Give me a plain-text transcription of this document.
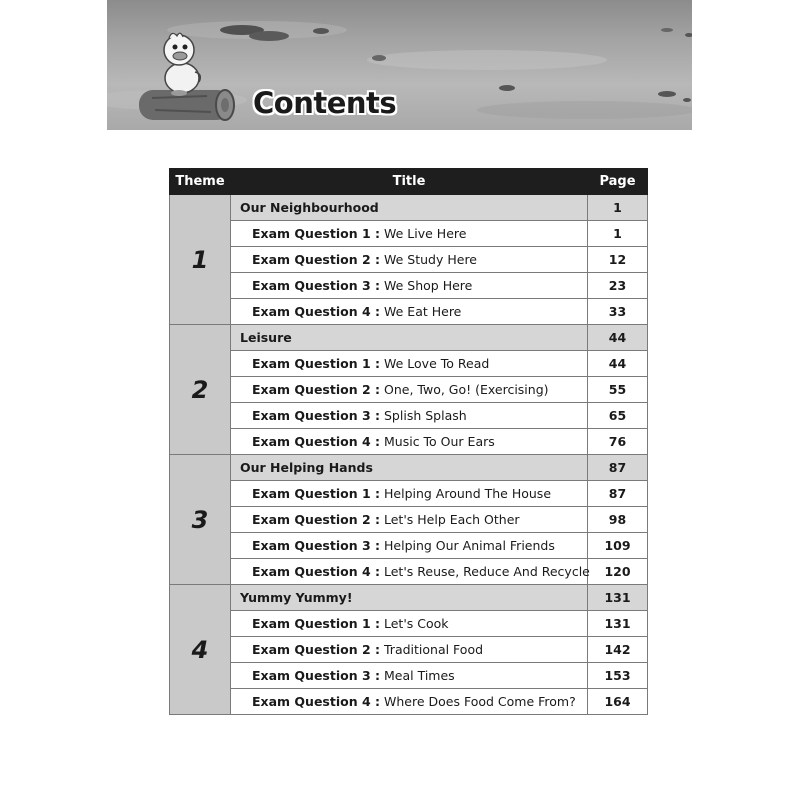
Contents
Theme	Title	Page
1	Our Neighbourhood	1
	Exam Question 1 : We Live Here	1
	Exam Question 2 : We Study Here	12
	Exam Question 3 : We Shop Here	23
	Exam Question 4 : We Eat Here	33
2	Leisure	44
	Exam Question 1 : We Love To Read	44
	Exam Question 2 : One, Two, Go! (Exercising)	55
	Exam Question 3 : Splish Splash	65
	Exam Question 4 : Music To Our Ears	76
3	Our Helping Hands	87
	Exam Question 1 : Helping Around The House	87
	Exam Question 2 : Let's Help Each Other	98
	Exam Question 3 : Helping Our Animal Friends	109
	Exam Question 4 : Let's Reuse, Reduce And Recycle	120
4	Yummy Yummy!	131
	Exam Question 1 : Let's Cook	131
	Exam Question 2 : Traditional Food	142
	Exam Question 3 : Meal Times	153
	Exam Question 4 : Where Does Food Come From?	164
